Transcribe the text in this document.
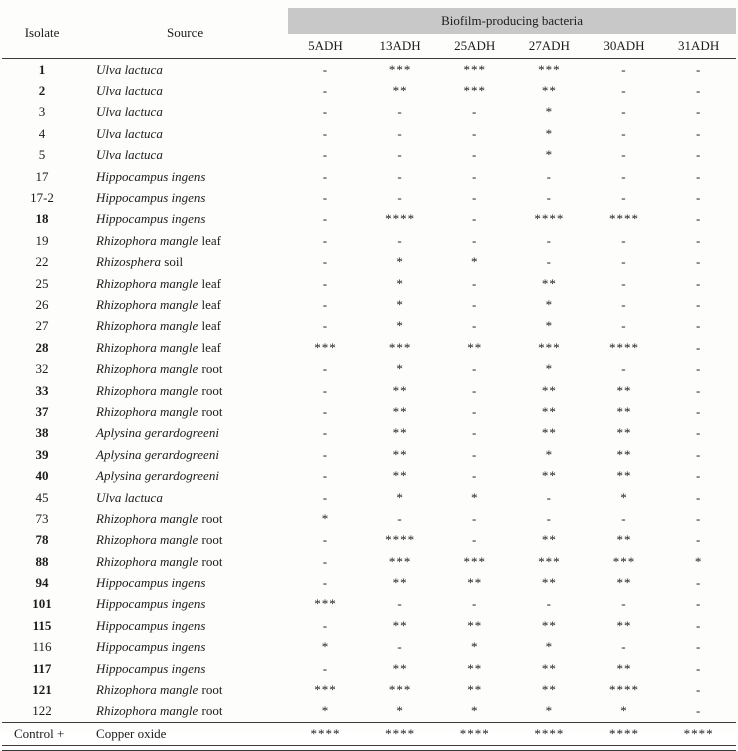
Isolate	Source	Biofilm-producing bacteria					
		5ADH	13ADH	25ADH	27ADH	30ADH	31ADH
1	Ulva lactuca	-	***	***	***	-	-
2	Ulva lactuca	-	**	***	**	-	-
3	Ulva lactuca	-	-	-	*	-	-
4	Ulva lactuca	-	-	-	*	-	-
5	Ulva lactuca	-	-	-	*	-	-
17	Hippocampus ingens	-	-	-	-	-	-
17-2	Hippocampus ingens	-	-	-	-	-	-
18	Hippocampus ingens	-	****	-	****	****	-
19	Rhizophora mangle leaf	-	-	-	-	-	-
22	Rhizosphera soil	-	*	*	-	-	-
25	Rhizophora mangle leaf	-	*	-	**	-	-
26	Rhizophora mangle leaf	-	*	-	*	-	-
27	Rhizophora mangle leaf	-	*	-	*	-	-
28	Rhizophora mangle leaf	***	***	**	***	****	-
32	Rhizophora mangle root	-	*	-	*	-	-
33	Rhizophora mangle root	-	**	-	**	**	-
37	Rhizophora mangle root	-	**	-	**	**	-
38	Aplysina gerardogreeni	-	**	-	**	**	-
39	Aplysina gerardogreeni	-	**	-	*	**	-
40	Aplysina gerardogreeni	-	**	-	**	**	-
45	Ulva lactuca	-	*	*	-	*	-
73	Rhizophora mangle root	*	-	-	-	-	-
78	Rhizophora mangle root	-	****	-	**	**	-
88	Rhizophora mangle root	-	***	***	***	***	*
94	Hippocampus ingens	-	**	**	**	**	-
101	Hippocampus ingens	***	-	-	-	-	-
115	Hippocampus ingens	-	**	**	**	**	-
116	Hippocampus ingens	*	-	*	*	-	-
117	Hippocampus ingens	-	**	**	**	**	-
121	Rhizophora mangle root	***	***	**	**	****	-
122	Rhizophora mangle root	*	*	*	*	*	-
Control +	Copper oxide	****	****	****	****	****	****
